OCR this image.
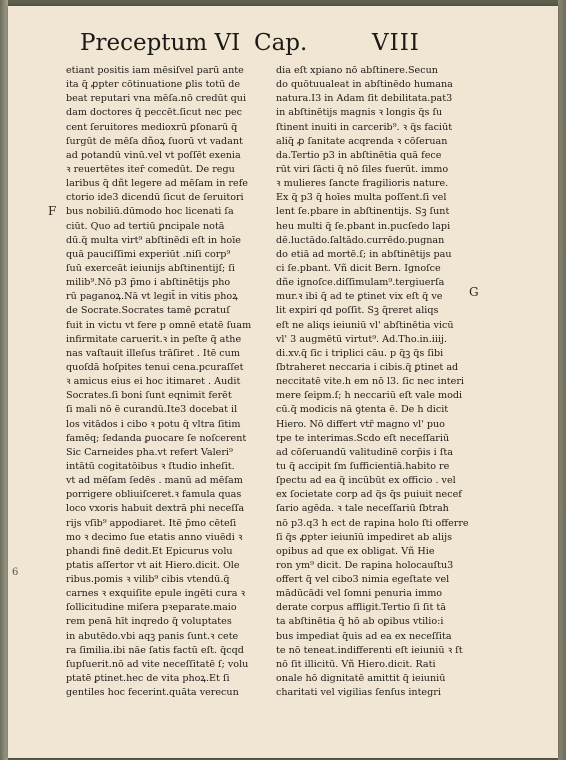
Preceptum VI Cap.	VIII
F
G
6
etiant positis iam mēsiſvel parū ante
ita q̃ ꝓpter cōtinuatione ꝑlis totū de
beat reputari vna mēſa.nō credūt qui
dam doctores q̃ peccēt.ſicut nec pec
cent ſeruitores medioxrū ꝑſonarū q̃
ſurgūt de mēſa dñoꝝ ſuorū vt vadant
ad potandū vinū.vel vt poſſēt exenia
ꝛ reuertētes iter̄ comedūt. De regu
laribus q̃ dñt legere ad mēſam in refe
ctorio ide3 dicendū ſicut de ſeruitori
bus nobiliū.dūmodo hoc licenati ſa
ciūt. Quo ad tertiū ꝑncipale notā
dū.q̃ multa virt⁹ abſtinēdi eſt in hoīe
quā pauciſſimi experiūt .niſi corp⁹
ſuū exerceāt ieiunijs abſtinentijſ; ſi
milib⁹.Nō p3 p̄mo i abſtinētijs pho
rū paganoꝝ.Nā vt legit̄ in vitis phoꝝ
de Socrate.Socrates tamē ꝑcratuſ
fuit in victu vt fere p omnē etatē ſuam
infirmitate caruerit.ꝛ in peſte q̃ athe
nas vaſtauit illeſus trāſiret . Itē cum
quoſdā hoſpites tenui cena.pcuraſſet
ꝛ amicus eius ei hoc itimaret . Audit
Socrates.ſi boni ſunt eqnimit ferēt
ſi mali nō ē curandū.Ite3 docebat il
los vitādos i cibo ꝛ potu q̃ vltra ſitim
famēq; ſedanda ꝑuocare ſe noſcerent
Sic Carneides pha.vt refert Valeri⁹
intātū cogitatōibus ꝛ ſtudio inheſit.
vt ad mēſam ſedēs . manū ad mēſam
porrigere obliuiſceret.ꝛ famula quas
loco vxoris habuit dextrā phi neceſſa
rijs vſib⁹ appodiaret. Itē p̄mo cēteſi
mo ꝛ decimo ſue etatis anno viuēdi ꝛ
phandi finē dedit.Et Epicurus volu
ptatis aſſertor vt ait Hiero.dicit. Ole
ribus.pomis ꝛ vilib⁹ cibis vtendū.q̃
carnes ꝛ exquiſite epule ingēti cura ꝛ
ſollicitudine miſera pꝛeparate.maio
rem penā hīt inqredo q̃ voluptates
in abutēdo.vbi aqꝫ panis ſunt.ꝛ cete
ra ſimilia.ibi nāe ſatis factū eſt. q̃cqd
ſupſuerit.nō ad vite neceſſitatē ſ; volu
ptatē ꝑtinet.hec de vita phoꝝ.Et ſi
gentiles hoc fecerint.quāta verecun
dia eſt xpiano nō abſtinere.Secun
do quōtuualeat in abſtinēdo humana
natura.I3 in Adam ſit debilitata.pat3
in abſtinētijs magnis ꝛ longis q̃s ſu
ſtinent inuiti in carcerib⁹. ꝛ q̃s faciūt
aliq̄ ꝓ ſanitate acqrenda ꝛ cōſeruan
da.Tertio p3 in abſtinētia quā fece
rūt viri ſācti q̃ nō ſiles fuerūt. immo
ꝛ mulieres ſancte fragilioris nature.
Ex q̃ p3 q̃ hoīes multa poſſent.ſi vel
lent ſe.pbare in abſtinentijs. Sꝫ ſunt
heu multi q̃ ſe.pbant in.pucſedo lapi
dē.luctādo.ſaltādo.currēdo.pugnan
do etiā ad mortē.ſ; in abſtinētijs pau
ci ſe.pbant. Vñ dicit Bern. Ignoſce
dñe ignoſce.diſſimulam⁹.tergiuerſa
mur.ꝛ ibi q̃ ad te ꝑtinet vix eſt q̃ ve
lit expiri qd poſſit. Sꝫ q̄reret aliqs
eſt ne aliqs ieiuniū vl' abſtinētia vicū
vl' 3 augmētū virtut⁹. Ad.Tho.in.iiij.
di.xv.q̃ ſic i triplici cāu. p q̃ꝫ q̃s ſibi
ſbtraheret neccaria i cibis.q̃ ꝑtinet ad
neccitatē vite.h em nō l3. ſic nec interi
mere ſeipm.ſ; h neccariū eſt vale modi
cū.q̃ modicis nā ꝯtenta ē. De h dicit
Hiero. Nō differt vtr̄ magno vl' puo
tpe te interimas.Scdo eſt neceſſariū
ad cōſeruandū valitudinē corp̄is i ſta
tu q̃ accipit ſm ſufficientiā.habito re
ſpectu ad ea q̃ incūbūt ex officio . vel
ex ſocietate corp ad q̃s q̄s puiuit necef
ſario agēda. ꝛ tale neceſſariū ſbtrah
nō p3.q3 h ect de rapina holo ſti offerre
ſi q̃s ꝓpter ieiunīū impediret ab alijs
opibus ad que ex obligat. Vñ Hie
ron ym⁹ dicit. De rapina holocauſtu3
offert q̃ vel cibo3 nimia egeſtate vel
mādūcādi vel ſomni penuria immo
derate corpus affligit.Tertio ſi ſit tā
ta abſtinētia q̃ hō ab oꝑibus vtilio:i
bus impediat q̄uis ad ea ex neceſſita
te nō teneat.indifferenti eſt ieiuniū ꝛ ſt
nō ſit illicitū. Vñ Hiero.dicit. Rati
onale hō dignitatē amittit q̃ ieiuniū
charitati vel vigilias ſenſus integri
